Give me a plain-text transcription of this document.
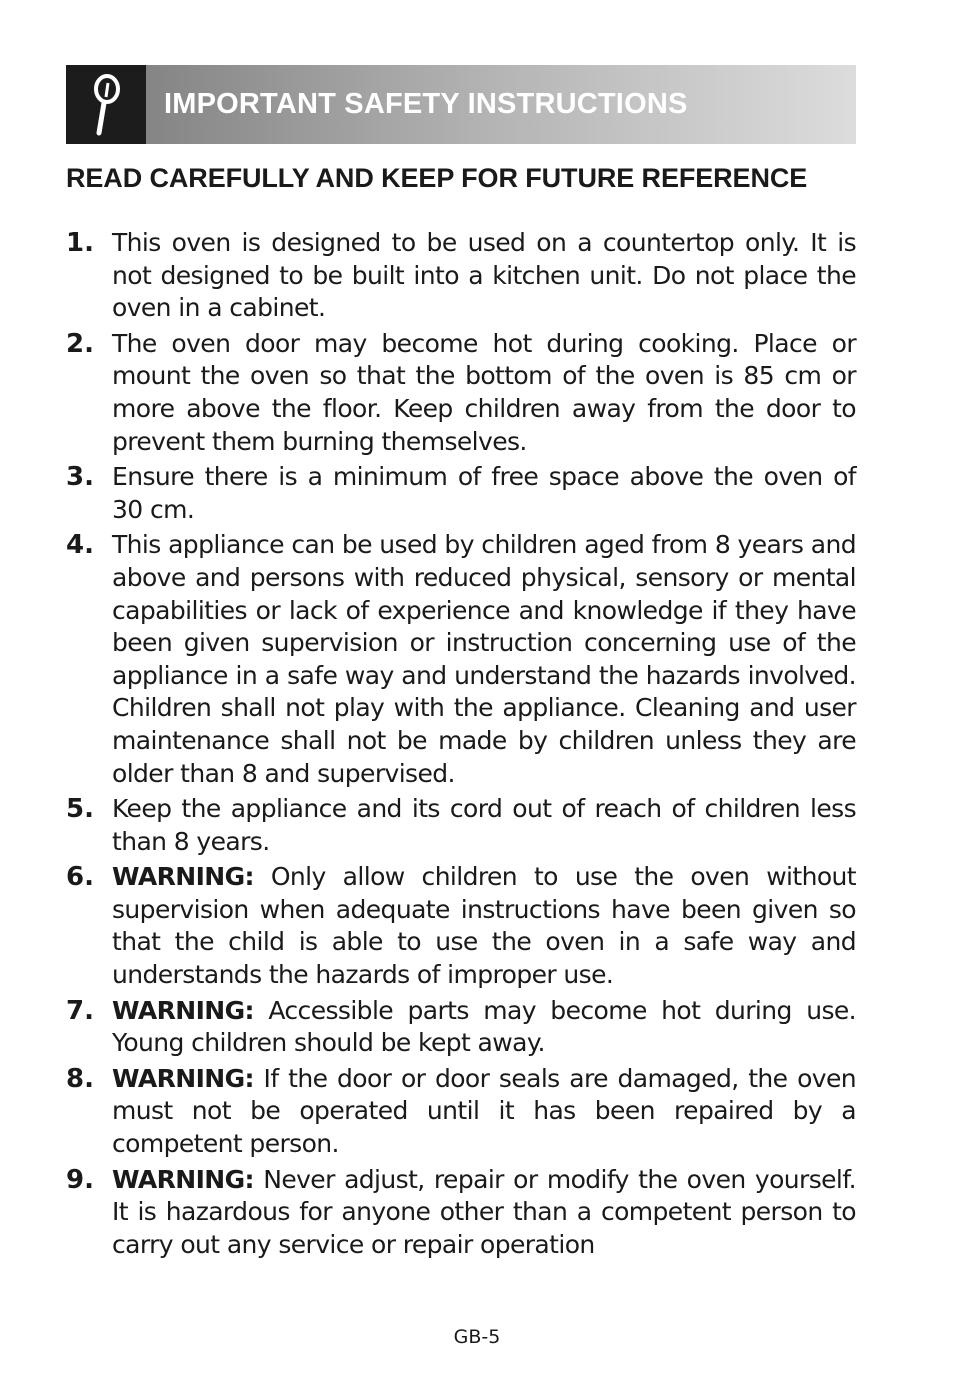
IMPORTANT SAFETY INSTRUCTIONS
READ CAREFULLY AND KEEP FOR FUTURE REFERENCE
1. This oven is designed to be used on a countertop only. It is not designed to be built into a kitchen unit. Do not place the oven in a cabinet.
2. The oven door may become hot during cooking. Place or mount the oven so that the bottom of the oven is 85 cm or more above the floor. Keep children away from the door to prevent them burning themselves.
3. Ensure there is a minimum of free space above the oven of 30 cm.
4. This appliance can be used by children aged from 8 years and above and persons with reduced physical, sensory or mental capabilities or lack of experience and knowledge if they have been given supervision or instruction concerning use of the appliance in a safe way and understand the hazards involved. Children shall not play with the appliance. Cleaning and user maintenance shall not be made by children unless they are older than 8 and supervised.
5. Keep the appliance and its cord out of reach of children less than 8 years.
6. WARNING: Only allow children to use the oven without supervision when adequate instructions have been given so that the child is able to use the oven in a safe way and understands the hazards of improper use.
7. WARNING: Accessible parts may become hot during use. Young children should be kept away.
8. WARNING: If the door or door seals are damaged, the oven must not be operated until it has been repaired by a competent person.
9. WARNING: Never adjust, repair or modify the oven yourself. It is hazardous for anyone other than a competent person to carry out any service or repair operation
GB-5
